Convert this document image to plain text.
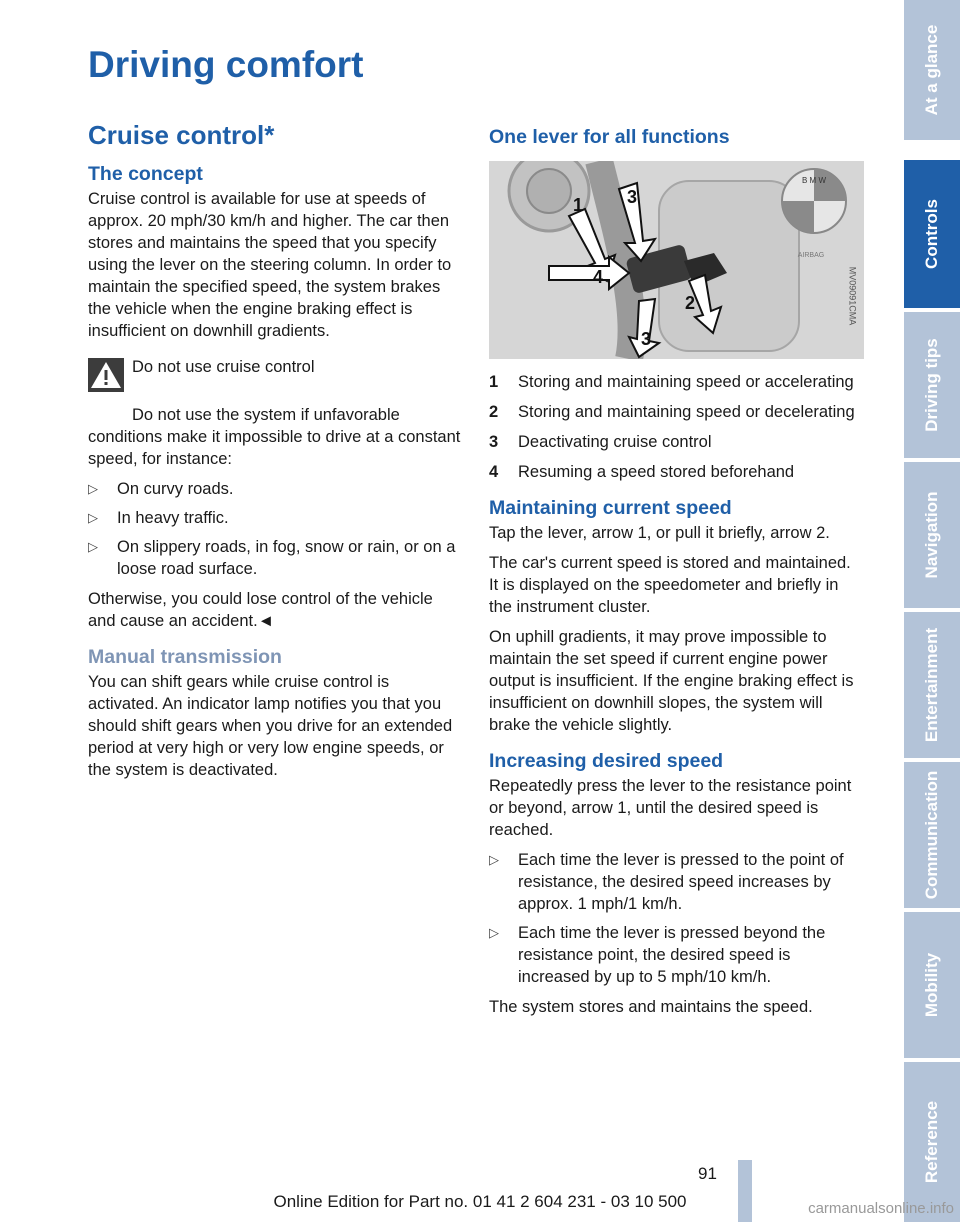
Driving comfort
Cruise control*
The concept

Cruise control is available for use at speeds of approx. 20 mph/30 km/h and higher. The car then stores and maintains the speed that you specify using the lever on the steering column. In order to maintain the specified speed, the system brakes the vehicle when the engine braking effect is insufficient on downhill gradients.

Do not use cruise control

Do not use the system if unfavorable conditions make it impossible to drive at a constant speed, for instance:

▷ On curvy roads.
▷ In heavy traffic.
▷ On slippery roads, in fog, snow or rain, or on a loose road surface.

Otherwise, you could lose control of the vehicle and cause an accident.◄

Manual transmission

You can shift gears while cruise control is activated. An indicator lamp notifies you that you should shift gears when you drive for an extended period at very high or very low engine speeds, or the system is deactivated.

One lever for all functions
B M W
AIRBAG
1
2
3
3
4	MV09091CMA
1 Storing and maintaining speed or accelerating
2 Storing and maintaining speed or decelerating
3 Deactivating cruise control
4 Resuming a speed stored beforehand
Maintaining current speed

Tap the lever, arrow 1, or pull it briefly, arrow 2.

The car's current speed is stored and maintained. It is displayed on the speedometer and briefly in the instrument cluster.

On uphill gradients, it may prove impossible to maintain the set speed if current engine power output is insufficient. If the engine braking effect is insufficient on downhill slopes, the system will brake the vehicle slightly.

Increasing desired speed

Repeatedly press the lever to the resistance point or beyond, arrow 1, until the desired speed is reached.

▷ Each time the lever is pressed to the point of resistance, the desired speed increases by approx. 1 mph/1 km/h.
▷ Each time the lever is pressed beyond the resistance point, the desired speed is increased by up to 5 mph/10 km/h.

The system stores and maintains the speed.

At a glance
Controls
Driving tips
Navigation
Entertainment
Communication
Mobility
Reference
91
Online Edition for Part no. 01 41 2 604 231 - 03 10 500	carmanualsonline.info
